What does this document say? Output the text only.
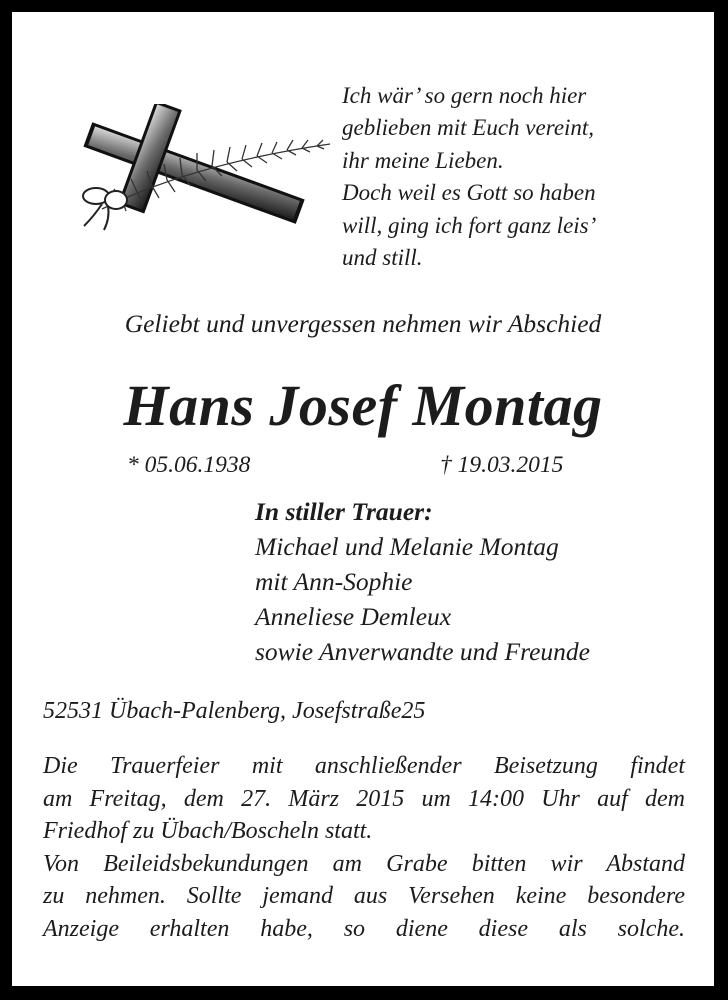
Ich wär’ so gern noch hier
geblieben mit Euch vereint,
ihr meine Lieben.
Doch weil es Gott so haben
will, ging ich fort ganz leis’
und still.
Geliebt und unvergessen nehmen wir Abschied
Hans Josef Montag
* 05.06.1938	† 19.03.2015
In stiller Trauer:
Michael und Melanie Montag
mit Ann-Sophie
Anneliese Demleux
sowie Anverwandte und Freunde
52531 Übach-Palenberg, Josefstraße25
Die Trauerfeier mit anschließender Beisetzung findet
am Freitag, dem 27. März 2015 um 14:00 Uhr auf dem
Friedhof zu Übach/Boscheln statt.
Von Beileidsbekundungen am Grabe bitten wir Abstand
zu nehmen. Sollte jemand aus Versehen keine besondere
Anzeige erhalten habe, so diene diese als solche.
